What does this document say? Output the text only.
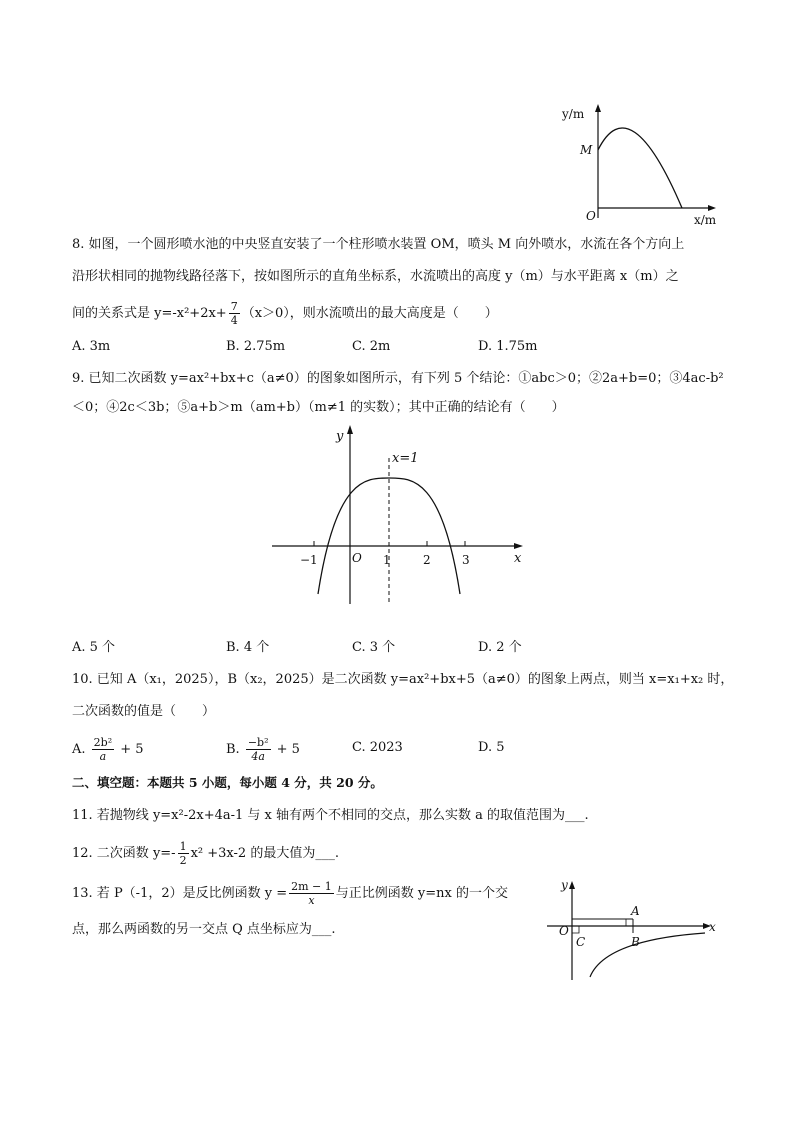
y/m
M
O	x/m
8. 如图，一个圆形喷水池的中央竖直安装了一个柱形喷水装置 OM，喷头 M 向外喷水，水流在各个方向上
沿形状相同的抛物线路径落下，按如图所示的直角坐标系，水流喷出的高度 y（m）与水平距离 x（m）之
间的关系式是 $y=-x^2+2x+ \frac{7}{4} (x>0)$，则水流喷出的最大高度是（　　）
A. 3m	B. 2.75m	C. 2m	D. 1.75m
9. 已知二次函数 y=ax²+bx+c（a≠0）的图象如图所示，有下列 5 个结论：①abc＞0；②2a+b=0；③4ac-b²
＜0；④2c＜3b；⑤a+b＞m（am+b）（m≠1 的实数）；其中正确的结论有（　　）
y
x
x=1
O
−1	1	2	3
A. 5 个	B. 4 个	C. 3 个	D. 2 个
10. 已知 A（x₁，2025），B（x₂，2025）是二次函数 y=ax²+bx+5（a≠0）的图象上两点，则当 x=x₁+x₂ 时，
二次函数的值是（　　）
A. $\frac{\text{2b²}}{a} + 5$	B. $\frac{\text{−b²}}{4a} + 5$	C. 2023	D. 5
二、填空题：本题共 5 小题，每小题 4 分，共 20 分。
11. 若抛物线 y=x²-2x+4a-1 与 x 轴有两个不相同的交点，那么实数 a 的取值范围为___.
12. 二次函数 $y=- \frac{1}{2} x^2 +3x-2$ 的最大值为___.
13. 若 P（-1，2）是反比例函数 $y = \frac{2m - 1}{x}$ 与正比例函数 y=nx 的一个交
点，那么两函数的另一交点 Q 点坐标应为___.
y
x
O
A
B
C
